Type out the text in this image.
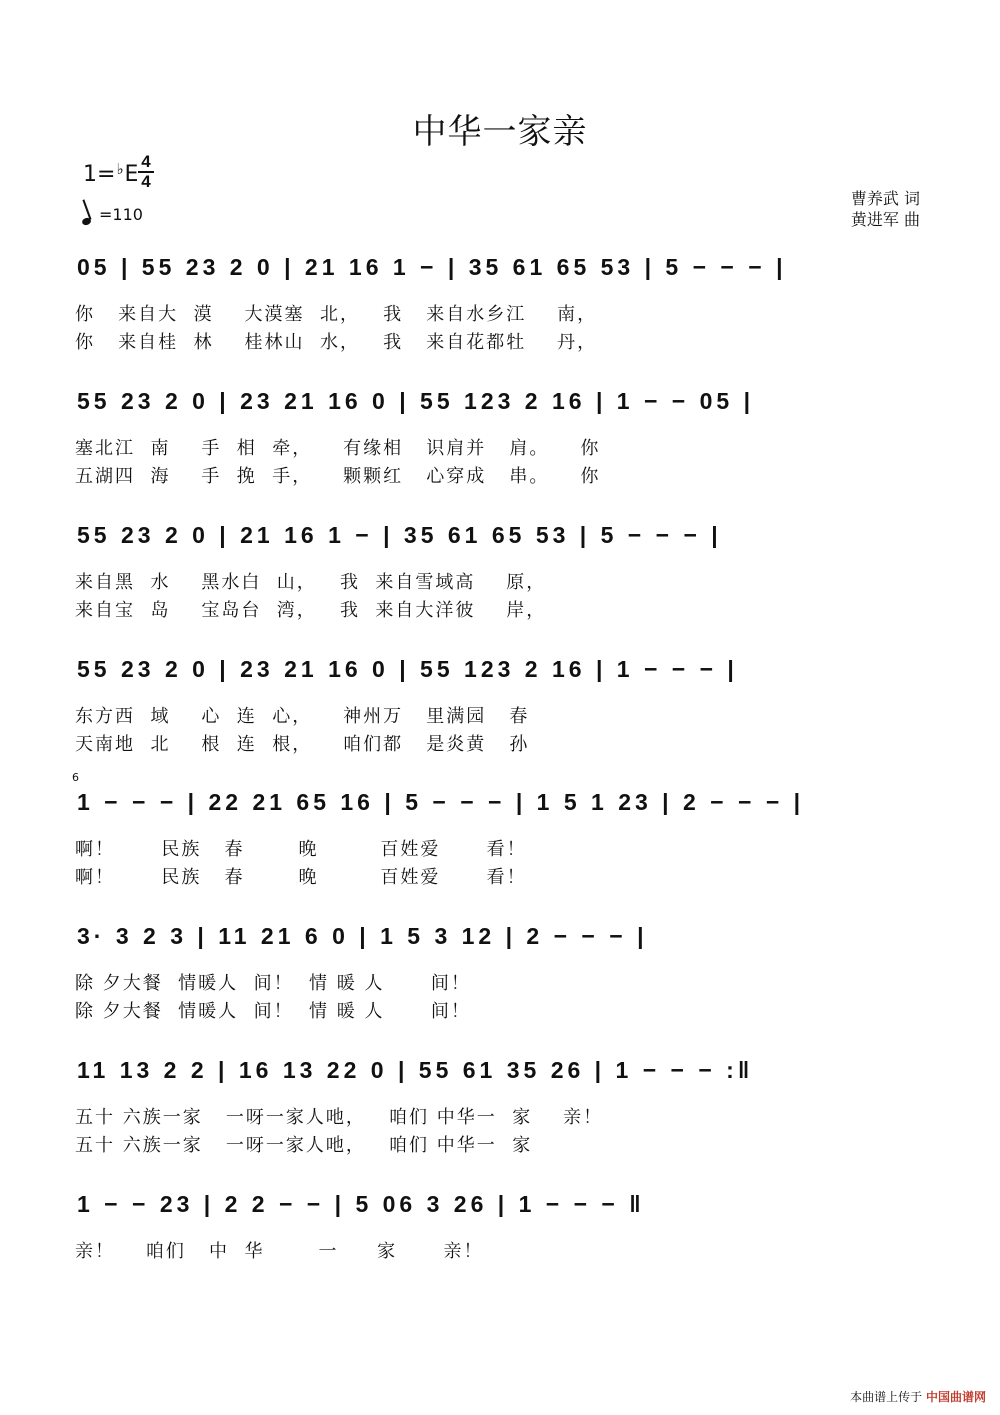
中华一家亲
1=♭E
4
4
=110
曹养武 词
黄进军 曲
05 | 55 23 2 0 | 21 16 1 − | 35 61 65 53 | 5 − − − |
你   来自大  漠    大漠塞  北，   我   来自水乡江    南，
你   来自桂  林    桂林山  水，   我   来自花都牡    丹，
55 23 2 0 | 23 21 16 0 | 55 123 2 16 | 1 − − 05 |
塞北江  南    手  相  牵，    有缘相   识肩并   肩。    你
五湖四  海    手  挽  手，    颗颗红   心穿成   串。    你
55 23 2 0 | 21 16 1 − | 35 61 65 53 | 5 − − − |
来自黑  水    黑水白  山，   我  来自雪域高    原，
来自宝  岛    宝岛台  湾，   我  来自大洋彼    岸，
55 23 2 0 | 23 21 16 0 | 55 123 2 16 | 1 − − − |
东方西  域    心  连  心，    神州万   里满园   春
天南地  北    根  连  根，    咱们都   是炎黄   孙
6
1 − − − | 22 21 65 16 | 5 − − − | 1 5 1 23 | 2 − − − |
啊！      民族   春       晚        百姓爱      看！
啊！      民族   春       晚        百姓爱      看！
3· 3 2 3 | 11 21 6 0 | 1 5 3 12 | 2 − − − |
除 夕大餐  情暖人  间！  情 暖 人      间！
除 夕大餐  情暖人  间！  情 暖 人      间！
11 13 2 2 | 16 13 22 0 | 55 61 35 26 | 1 − − − :‖
五十 六族一家   一呀一家人吔，   咱们 中华一  家    亲！
五十 六族一家   一呀一家人吔，   咱们 中华一  家
1 − − 23 | 2 2 − − | 5 06 3 26 | 1 − − − ‖
亲！    咱们   中  华       一     家      亲！
本曲谱上传于 中国曲谱网
